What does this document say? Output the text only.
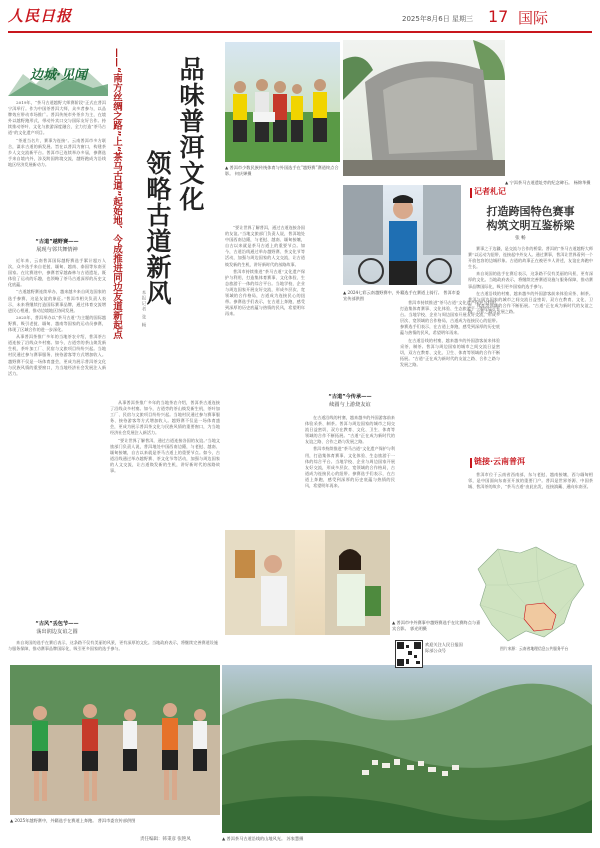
人民日报	2025年8月6日 星期三 17 国际
边城·见闻

2019年，“茶马古道越野大师赛阶段”正式在普洱宁洱举行。作为中国茶普洱大师，众多者参与，以品牌效应带动市场推广。普洱传统市外茶乡为主，在境外以越野跑形式，带动外宾口交与国际友好合作。持续推动茶叶、文化与旅游深度融合，全力打造“茶马古道”的文化遗产项目。

“茶道当名片，赛事为连接”。云南普洱市多方联合，谋求古道的新发展。旨在以普洱为窗口，构建茶乡人文交流新平台。普洱市已连续举办多届，参赛选手来自境内外，涉及跨国跨境交流，越野跑成为沿线地区经济发展新动力。

“古道”越野赛——
展现与邻共舞情神

近年来，云南普洱国际越野赛选手累计超万人次，众多选手来自老挝、缅甸、越南、泰国等东南亚国家。在比赛途中，参赛者穿越森林与古道遗址，既体验了运动的乐趣，也领略了茶马古道深厚的历史文化底蕴。

“古道越野赛连续举办，越来越多来自周边国家的选手参赛，这是友谊的象征。”普洱市相关负责人表示，未来将继续打造国际赛事品牌，通过体育交流增进民心相通，推动边境地区协同发展。

2025年，普洱举办以“茶马古道”为主题的国际越野赛，吸引老挝、缅甸、越南等国家的运动员参赛，体现了区域合作的进一步深化。

从事普洱茶推广多年的当地茶农介绍，普洱茶古道连接了沿线众多村寨。如今，古道旁的茶山焕发新生机，茶叶加工厂、民宿与文旅项目纷纷兴起。当地村民通过参与赛事服务、接待游客等方式增加收入。越野赛不仅是一场体育盛会，更成为展示普洱茶文化与民族风情的重要窗口，为当地经济社会发展注入新活力。

“古风”丢包节——
荡出润边友谊之圆

来自英国的选手在赛后表示，这条路不仅有美丽的风景，更有深厚的文化。当地政府表示，将继续完善赛道设施与服务保障，推动赛事品牌国际化，吸引更多国家的选手参与。

——“南方丝绸之路”上“茶马古道”起始地、今成推进同边友道新起点	本报记者 张 畅
品味普洱文化
领略古道新风

从事普洱茶推广多年的当地茶农介绍，普洱茶古道连接了沿线众多村寨。如今，古道旁的茶山焕发新生机，茶叶加工厂、民宿与文旅项目纷纷兴起。当地村民通过参与赛事服务、接待游客等方式增加收入。越野赛不仅是一场体育盛会，更成为展示普洱茶文化与民族风情的重要窗口，为当地经济社会发展注入新活力。

“要让世界了解普洱，通过古道连接各国的友谊。”当地文旅部门负责人说，普洱地处中国西南边陲，与老挝、越南、缅甸接壤，自古以来就是茶马古道上的重要节点。如今，古道沿线通过举办越野赛、茶文化节等活动，加强与周边国家的人文交流，让古道焕发新的生机，讲好新时代的丝路故事。

“要让世界了解普洱，通过古道连接各国的友谊。”当地文旅部门负责人说，普洱地处中国西南边陲，与老挝、越南、缅甸接壤，自古以来就是茶马古道上的重要节点。如今，古道沿线通过举办越野赛、茶文化节等活动，加强与周边国家的人文交流，让古道焕发新的生机，讲好新时代的丝路故事。

普洱市持续推进“茶马古道”文化遗产保护与利用，打造集体育赛事、文化体验、生态旅游于一体的综合平台。当地学校、企业与周边国家开展友好交流，形成多层次、宽领域的合作格局，古道成为连接民心的纽带。参赛选手们表示，在古道上奔跑，感受到深厚的历史底蕴与热情的民风，希望明年再来。

“古道”今传承——
续圆与上游烧友谊

在古道沿线的村寨，越来越多的外国游客前来体验采茶、制茶。普洱与周边国家的城市之间交流日益密切，双方在教育、文化、卫生、体育等领域的合作不断拓展。“古道”正在成为新时代的友谊之路、合作之路与发展之路。

普洱市持续推进“茶马古道”文化遗产保护与利用，打造集体育赛事、文化体验、生态旅游于一体的综合平台。当地学校、企业与周边国家开展友好交流，形成多层次、宽领域的合作格局，古道成为连接民心的纽带。参赛选手们表示，在古道上奔跑，感受到深厚的历史底蕴与热情的民风，希望明年再来。

普洱市持续推进“茶马古道”文化遗产保护与利用，打造集体育赛事、文化体验、生态旅游于一体的综合平台。当地学校、企业与周边国家开展友好交流，形成多层次、宽领域的合作格局，古道成为连接民心的纽带。参赛选手们表示，在古道上奔跑，感受到深厚的历史底蕴与热情的民风，希望明年再来。

在古道沿线的村寨，越来越多的外国游客前来体验采茶、制茶。普洱与周边国家的城市之间交流日益密切，双方在教育、文化、卫生、体育等领域的合作不断拓展。“古道”正在成为新时代的友谊之路、合作之路与发展之路。

▲ 普洱市少数民族传统体育与外国选手在“越野赛”赛道终点合影。 何庆婵摄
▲ 宁洱茶马古道遗址旁的纪念碑石。 杨锦华摄
▲ 2024七彩云南越野赛中，外籍选手在赛道上骑行。 普洱市委宣传部供图
▲ 普洱市中外赛事中越野赛选手在比赛终点与嘉宾合影。 郭光明摄
▲ 2025年越野赛中，外籍选手在赛道上奔跑。 普洱市委宣传部供图
▲ 普洱茶马古道沿线的山地风光。 苏家慧摄
记者札记
打造跨国特色赛事
构筑文明互鉴桥梁
张 畅

赛事之于边疆，是交流与合作的桥梁。普洱的“茶马古道越野大师赛”以运动为纽带，连接起中外友人。通过赛事，普洱让世界看到一个开放包容的边城形象。古道的故事正在被更多人讲述，友谊在奔跑中生长。

来自英国的选手在赛后表示，这条路不仅有美丽的风景，更有深厚的文化。当地政府表示，将继续完善赛道设施与服务保障，推动赛事品牌国际化，吸引更多国家的选手参与。

在古道沿线的村寨，越来越多的外国游客前来体验采茶、制茶。普洱与周边国家的城市之间交流日益密切，双方在教育、文化、卫生、体育等领域的合作不断拓展。“古道”正在成为新时代的友谊之路、合作之路与发展之路。

链接·云南普洱

普洱市位于云南省西南部，东与老挝、越南接壤，西与缅甸相邻，是中国面向东南亚开放的重要门户。普洱是世界茶源、中国茶城、普洱茶的故乡，“茶马古道”由此出发，连接滇藏、通向东南亚。

图片来源：云南省地理信息公共服务平台
欢迎关注人民日报国际部公众号
责任编辑：韩秉彦 张艳凤
